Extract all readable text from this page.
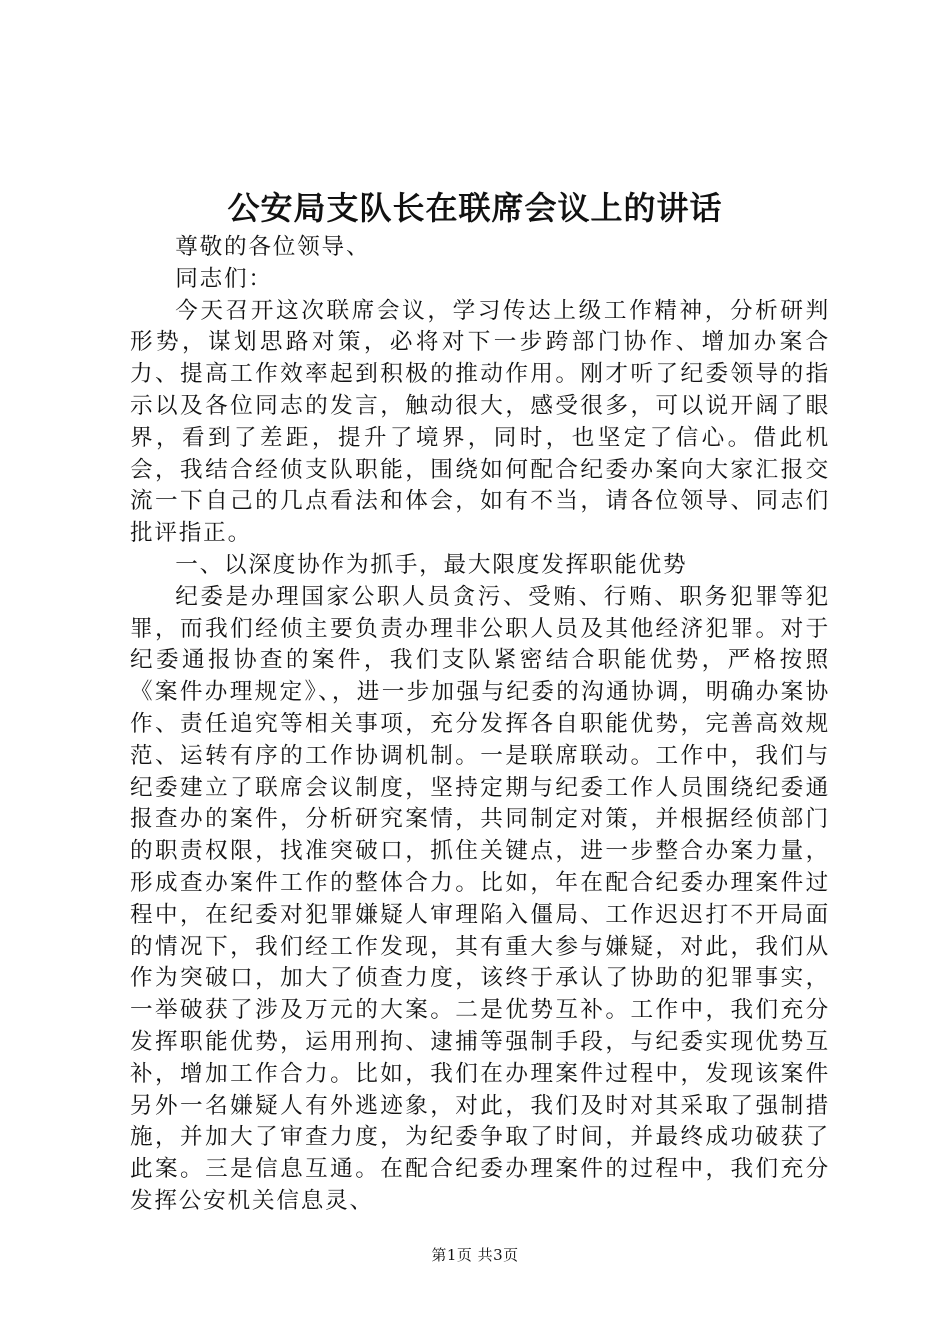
公安局支队长在联席会议上的讲话

尊敬的各位领导、

同志们：

今天召开这次联席会议，学习传达上级工作精神，分析研判形势，谋划思路对策，必将对下一步跨部门协作、增加办案合力、提高工作效率起到积极的推动作用。刚才听了纪委领导的指示以及各位同志的发言，触动很大，感受很多，可以说开阔了眼界，看到了差距，提升了境界，同时，也坚定了信心。借此机会，我结合经侦支队职能，围绕如何配合纪委办案向大家汇报交流一下自己的几点看法和体会，如有不当，请各位领导、同志们批评指正。

一、以深度协作为抓手，最大限度发挥职能优势

纪委是办理国家公职人员贪污、受贿、行贿、职务犯罪等犯罪，而我们经侦主要负责办理非公职人员及其他经济犯罪。对于纪委通报协查的案件，我们支队紧密结合职能优势，严格按照《案件办理规定》、，进一步加强与纪委的沟通协调，明确办案协作、责任追究等相关事项，充分发挥各自职能优势，完善高效规范、运转有序的工作协调机制。一是联席联动。工作中，我们与纪委建立了联席会议制度，坚持定期与纪委工作人员围绕纪委通报查办的案件，分析研究案情，共同制定对策，并根据经侦部门的职责权限，找准突破口，抓住关键点，进一步整合办案力量，形成查办案件工作的整体合力。比如，年在配合纪委办理案件过程中，在纪委对犯罪嫌疑人审理陷入僵局、工作迟迟打不开局面的情况下，我们经工作发现，其有重大参与嫌疑，对此，我们从作为突破口，加大了侦查力度，该终于承认了协助的犯罪事实，一举破获了涉及万元的大案。二是优势互补。工作中，我们充分发挥职能优势，运用刑拘、逮捕等强制手段，与纪委实现优势互补，增加工作合力。比如，我们在办理案件过程中，发现该案件另外一名嫌疑人有外逃迹象，对此，我们及时对其采取了强制措施，并加大了审查力度，为纪委争取了时间，并最终成功破获了此案。三是信息互通。在配合纪委办理案件的过程中，我们充分发挥公安机关信息灵、

第1页 共3页
